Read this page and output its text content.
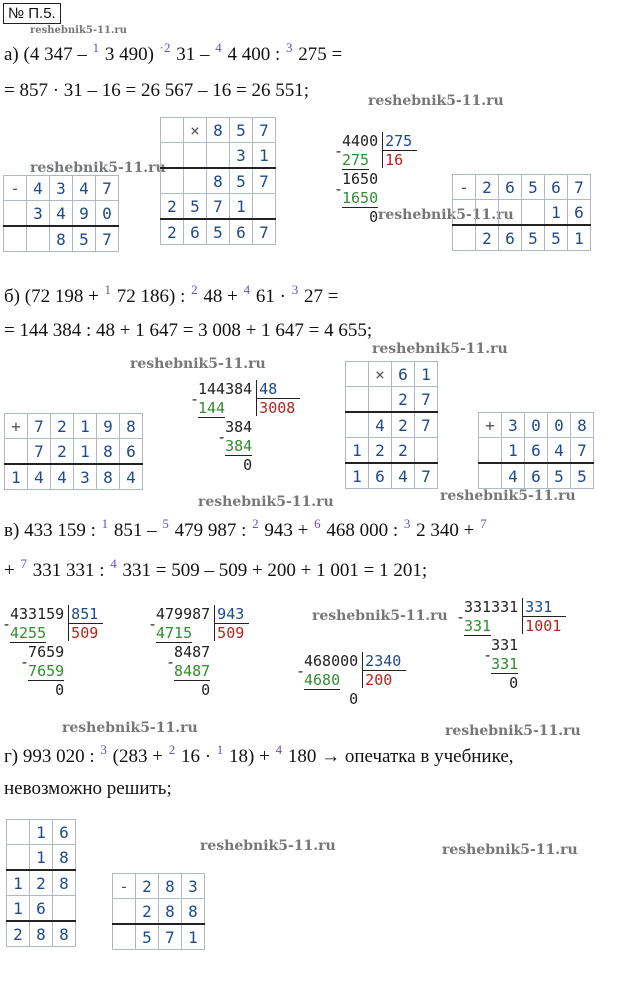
№ П.5.
reshebnik5-11.ru
reshebnik5-11.ru
reshebnik5-11.ru
reshebnik5-11.ru
reshebnik5-11.ru
reshebnik5-11.ru
reshebnik5-11.ru	reshebnik5-11.ru
reshebnik5-11.ru
reshebnik5-11.ru	reshebnik5-11.ru
reshebnik5-11.ru	reshebnik5-11.ru
а) (4 347 – $^1$ 3 490) $^{\cdot 2}$ 31 – $^4$ 4 400 : $^3$ 275 =
= 857 · 31 – 16 = 26 567 – 16 = 26 551;
-	4	3	4	7
	3	4	9	0
		8	5	7
	×	8	5	7
			3	1
		8	5	7
2	5	7	1	
2	6	5	6	7
4400 275
16
-
275
1650
-
1650
0
-	2	6	5	6	7
				1	6
	2	6	5	5	1
б) (72 198 + $^1$ 72 186) : $^2$ 48 + $^4$ 61 · $^3$ 27 =
= 144 384 : 48 + 1 647 = 3 008 + 1 647 = 4 655;
+	7	2	1	9	8
	7	2	1	8	6
1	4	4	3	8	4
144384 48
3008
-
144
384
-
384
0
	×	6	1
		2	7
	4	2	7
1	2	2	
1	6	4	7
+	3	0	0	8
	1	6	4	7
	4	6	5	5
в) 433 159 : $^1$ 851 – $^5$ 479 987 : $^2$ 943 + $^6$ 468 000 : $^3$ 2 340 + $^7$
+ $^7$ 331 331 : $^4$ 331 = 509 – 509 + 200 + 1 001 = 1 201;
433159 851
509
-
4255
7659
-
7659
0
479987 943
509
-
4715
8487
-
8487
0
468000 2340
200
-
4680
0
331331 331
1001
-
331
331
-
331
0
г) 993 020 : $^3$ (283 + $^2$ 16 · $^1$ 18) + $^4$ 180 → опечатка в учебнике,
невозможно решить;
	1	6
	1	8
1	2	8
1	6	
2	8	8
-	2	8	3
	2	8	8
	5	7	1
